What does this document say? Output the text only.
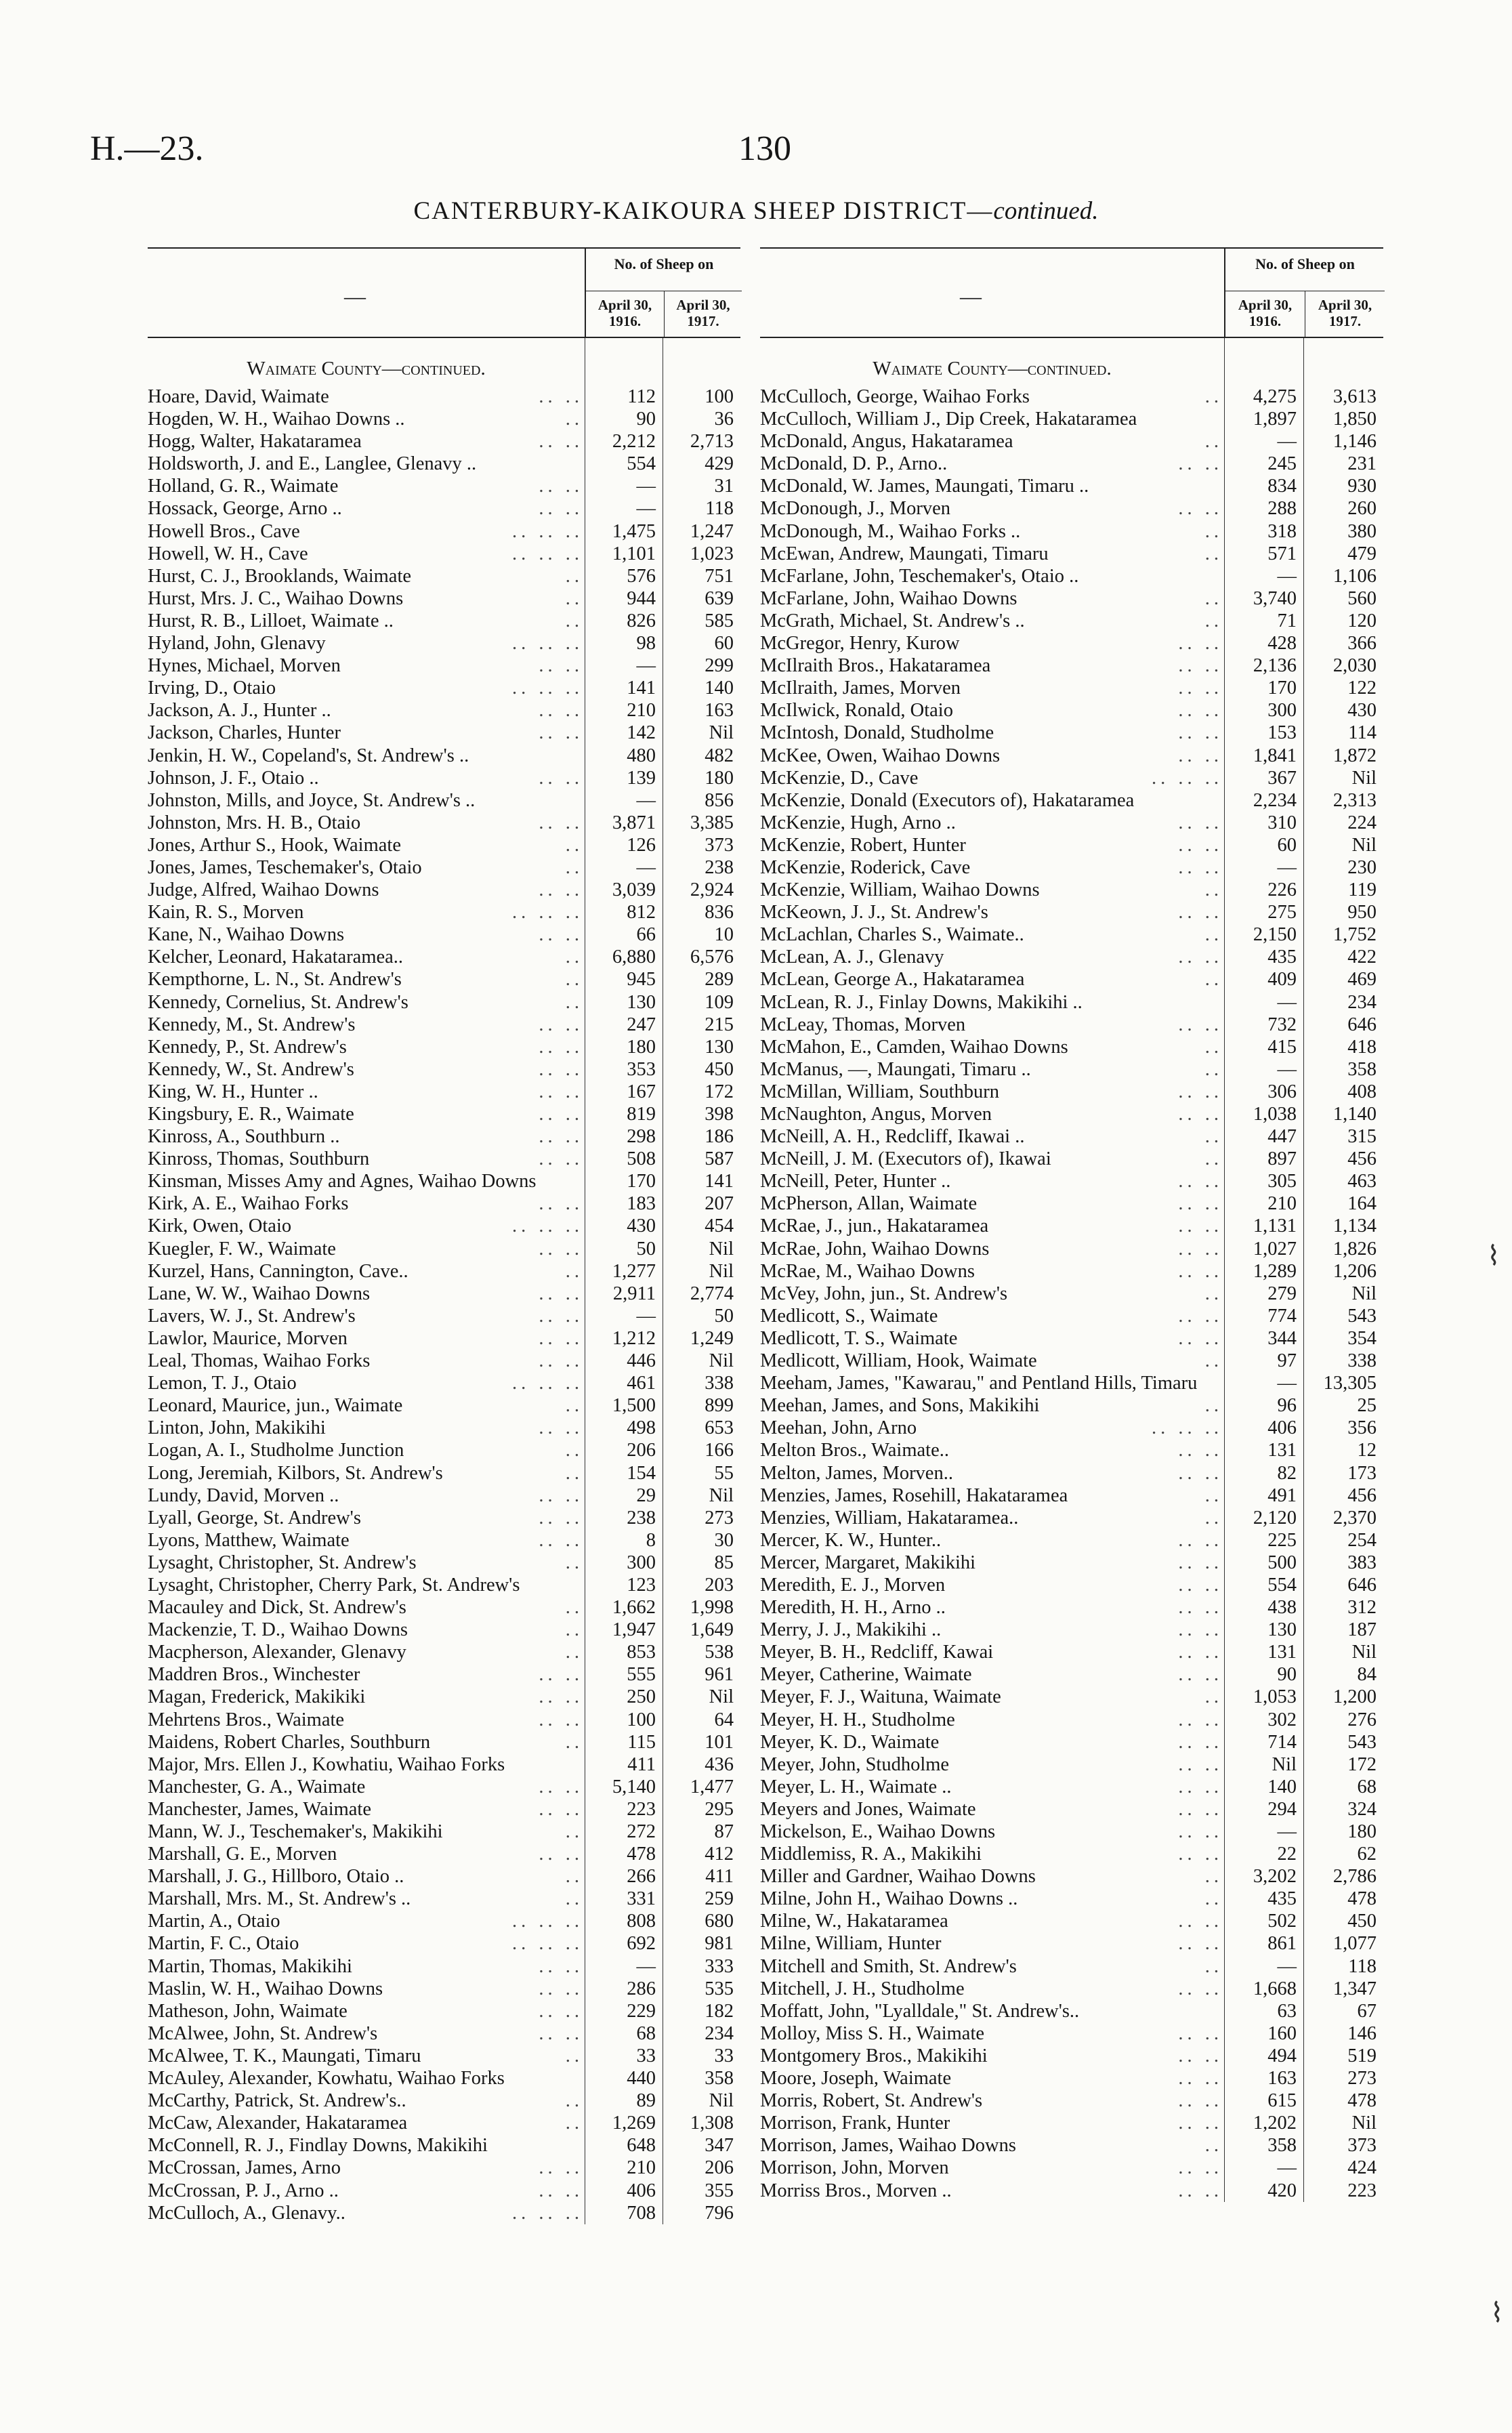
H.—23.	130
CANTERBURY-KAIKOURA SHEEP DISTRICT—continued.
—
No. of Sheep on
April 30, 1916.
April 30, 1917.
Waimate County—continued.
Hoare, David, Waimate	.. ..	112	100
Hogden, W. H., Waihao Downs ..	..	90	36
Hogg, Walter, Hakataramea	.. ..	2,212	2,713
Holdsworth, J. and E., Langlee, Glenavy ..	554	429
Holland, G. R., Waimate	.. ..	—	31
Hossack, George, Arno ..	.. ..	—	118
Howell Bros., Cave	.. .. ..	1,475	1,247
Howell, W. H., Cave	.. .. ..	1,101	1,023
Hurst, C. J., Brooklands, Waimate	..	576	751
Hurst, Mrs. J. C., Waihao Downs	..	944	639
Hurst, R. B., Lilloet, Waimate ..	..	826	585
Hyland, John, Glenavy	.. .. ..	98	60
Hynes, Michael, Morven	.. ..	—	299
Irving, D., Otaio	.. .. ..	141	140
Jackson, A. J., Hunter ..	.. ..	210	163
Jackson, Charles, Hunter	.. ..	142	Nil
Jenkin, H. W., Copeland's, St. Andrew's ..	480	482
Johnson, J. F., Otaio ..	.. ..	139	180
Johnston, Mills, and Joyce, St. Andrew's ..	—	856
Johnston, Mrs. H. B., Otaio	.. ..	3,871	3,385
Jones, Arthur S., Hook, Waimate	..	126	373
Jones, James, Teschemaker's, Otaio	..	—	238
Judge, Alfred, Waihao Downs	.. ..	3,039	2,924
Kain, R. S., Morven	.. .. ..	812	836
Kane, N., Waihao Downs	.. ..	66	10
Kelcher, Leonard, Hakataramea..	..	6,880	6,576
Kempthorne, L. N., St. Andrew's	..	945	289
Kennedy, Cornelius, St. Andrew's	..	130	109
Kennedy, M., St. Andrew's	.. ..	247	215
Kennedy, P., St. Andrew's	.. ..	180	130
Kennedy, W., St. Andrew's	.. ..	353	450
King, W. H., Hunter ..	.. ..	167	172
Kingsbury, E. R., Waimate	.. ..	819	398
Kinross, A., Southburn ..	.. ..	298	186
Kinross, Thomas, Southburn	.. ..	508	587
Kinsman, Misses Amy and Agnes, Waihao Downs	170	141
Kirk, A. E., Waihao Forks	.. ..	183	207
Kirk, Owen, Otaio	.. .. ..	430	454
Kuegler, F. W., Waimate	.. ..	50	Nil
Kurzel, Hans, Cannington, Cave..	..	1,277	Nil
Lane, W. W., Waihao Downs	.. ..	2,911	2,774
Lavers, W. J., St. Andrew's	.. ..	—	50
Lawlor, Maurice, Morven	.. ..	1,212	1,249
Leal, Thomas, Waihao Forks	.. ..	446	Nil
Lemon, T. J., Otaio	.. .. ..	461	338
Leonard, Maurice, jun., Waimate	..	1,500	899
Linton, John, Makikihi	.. ..	498	653
Logan, A. I., Studholme Junction	..	206	166
Long, Jeremiah, Kilbors, St. Andrew's	..	154	55
Lundy, David, Morven ..	.. ..	29	Nil
Lyall, George, St. Andrew's	.. ..	238	273
Lyons, Matthew, Waimate	.. ..	8	30
Lysaght, Christopher, St. Andrew's	..	300	85
Lysaght, Christopher, Cherry Park, St. Andrew's	123	203
Macauley and Dick, St. Andrew's	..	1,662	1,998
Mackenzie, T. D., Waihao Downs	..	1,947	1,649
Macpherson, Alexander, Glenavy	..	853	538
Maddren Bros., Winchester	.. ..	555	961
Magan, Frederick, Makikiki	.. ..	250	Nil
Mehrtens Bros., Waimate	.. ..	100	64
Maidens, Robert Charles, Southburn	..	115	101
Major, Mrs. Ellen J., Kowhatiu, Waihao Forks	411	436
Manchester, G. A., Waimate	.. ..	5,140	1,477
Manchester, James, Waimate	.. ..	223	295
Mann, W. J., Teschemaker's, Makikihi	..	272	87
Marshall, G. E., Morven	.. ..	478	412
Marshall, J. G., Hillboro, Otaio ..	..	266	411
Marshall, Mrs. M., St. Andrew's ..	..	331	259
Martin, A., Otaio	.. .. ..	808	680
Martin, F. C., Otaio	.. .. ..	692	981
Martin, Thomas, Makikihi	.. ..	—	333
Maslin, W. H., Waihao Downs	.. ..	286	535
Matheson, John, Waimate	.. ..	229	182
McAlwee, John, St. Andrew's	.. ..	68	234
McAlwee, T. K., Maungati, Timaru	..	33	33
McAuley, Alexander, Kowhatu, Waihao Forks	440	358
McCarthy, Patrick, St. Andrew's..	..	89	Nil
McCaw, Alexander, Hakataramea	..	1,269	1,308
McConnell, R. J., Findlay Downs, Makikihi	648	347
McCrossan, James, Arno	.. ..	210	206
McCrossan, P. J., Arno ..	.. ..	406	355
McCulloch, A., Glenavy..	.. .. ..	708	796
—
No. of Sheep on
April 30, 1916.
April 30, 1917.
Waimate County—continued.
McCulloch, George, Waihao Forks	..	4,275	3,613
McCulloch, William J., Dip Creek, Hakataramea	1,897	1,850
McDonald, Angus, Hakataramea	..	—	1,146
McDonald, D. P., Arno..	.. ..	245	231
McDonald, W. James, Maungati, Timaru ..	834	930
McDonough, J., Morven	.. ..	288	260
McDonough, M., Waihao Forks ..	..	318	380
McEwan, Andrew, Maungati, Timaru	..	571	479
McFarlane, John, Teschemaker's, Otaio ..	—	1,106
McFarlane, John, Waihao Downs	..	3,740	560
McGrath, Michael, St. Andrew's ..	..	71	120
McGregor, Henry, Kurow	.. ..	428	366
McIlraith Bros., Hakataramea	.. ..	2,136	2,030
McIlraith, James, Morven	.. ..	170	122
McIlwick, Ronald, Otaio	.. ..	300	430
McIntosh, Donald, Studholme	.. ..	153	114
McKee, Owen, Waihao Downs	.. ..	1,841	1,872
McKenzie, D., Cave	.. .. ..	367	Nil
McKenzie, Donald (Executors of), Hakataramea	2,234	2,313
McKenzie, Hugh, Arno ..	.. ..	310	224
McKenzie, Robert, Hunter	.. ..	60	Nil
McKenzie, Roderick, Cave	.. ..	—	230
McKenzie, William, Waihao Downs	..	226	119
McKeown, J. J., St. Andrew's	.. ..	275	950
McLachlan, Charles S., Waimate..	..	2,150	1,752
McLean, A. J., Glenavy	.. ..	435	422
McLean, George A., Hakataramea	..	409	469
McLean, R. J., Finlay Downs, Makikihi ..	—	234
McLeay, Thomas, Morven	.. ..	732	646
McMahon, E., Camden, Waihao Downs	..	415	418
McManus, —, Maungati, Timaru ..	..	—	358
McMillan, William, Southburn	.. ..	306	408
McNaughton, Angus, Morven	.. ..	1,038	1,140
McNeill, A. H., Redcliff, Ikawai ..	..	447	315
McNeill, J. M. (Executors of), Ikawai	..	897	456
McNeill, Peter, Hunter ..	.. ..	305	463
McPherson, Allan, Waimate	.. ..	210	164
McRae, J., jun., Hakataramea	.. ..	1,131	1,134
McRae, John, Waihao Downs	.. ..	1,027	1,826
McRae, M., Waihao Downs	.. ..	1,289	1,206
McVey, John, jun., St. Andrew's	..	279	Nil
Medlicott, S., Waimate	.. ..	774	543
Medlicott, T. S., Waimate	.. ..	344	354
Medlicott, William, Hook, Waimate	..	97	338
Meeham, James, "Kawarau," and Pentland Hills, Timaru	—	13,305
Meehan, James, and Sons, Makikihi	..	96	25
Meehan, John, Arno	.. .. ..	406	356
Melton Bros., Waimate..	.. ..	131	12
Melton, James, Morven..	.. ..	82	173
Menzies, James, Rosehill, Hakataramea	..	491	456
Menzies, William, Hakataramea..	..	2,120	2,370
Mercer, K. W., Hunter..	.. ..	225	254
Mercer, Margaret, Makikihi	.. ..	500	383
Meredith, E. J., Morven	.. ..	554	646
Meredith, H. H., Arno ..	.. ..	438	312
Merry, J. J., Makikihi ..	.. ..	130	187
Meyer, B. H., Redcliff, Kawai	.. ..	131	Nil
Meyer, Catherine, Waimate	.. ..	90	84
Meyer, F. J., Waituna, Waimate	..	1,053	1,200
Meyer, H. H., Studholme	.. ..	302	276
Meyer, K. D., Waimate	.. ..	714	543
Meyer, John, Studholme	.. ..	Nil	172
Meyer, L. H., Waimate ..	.. ..	140	68
Meyers and Jones, Waimate	.. ..	294	324
Mickelson, E., Waihao Downs	.. ..	—	180
Middlemiss, R. A., Makikihi	.. ..	22	62
Miller and Gardner, Waihao Downs	..	3,202	2,786
Milne, John H., Waihao Downs ..	..	435	478
Milne, W., Hakataramea	.. ..	502	450
Milne, William, Hunter	.. ..	861	1,077
Mitchell and Smith, St. Andrew's	..	—	118
Mitchell, J. H., Studholme	.. ..	1,668	1,347
Moffatt, John, "Lyalldale," St. Andrew's..	63	67
Molloy, Miss S. H., Waimate	.. ..	160	146
Montgomery Bros., Makikihi	.. ..	494	519
Moore, Joseph, Waimate	.. ..	163	273
Morris, Robert, St. Andrew's	.. ..	615	478
Morrison, Frank, Hunter	.. ..	1,202	Nil
Morrison, James, Waihao Downs	..	358	373
Morrison, John, Morven	.. ..	—	424
Morriss Bros., Morven ..	.. ..	420	223
⌇
⌇
